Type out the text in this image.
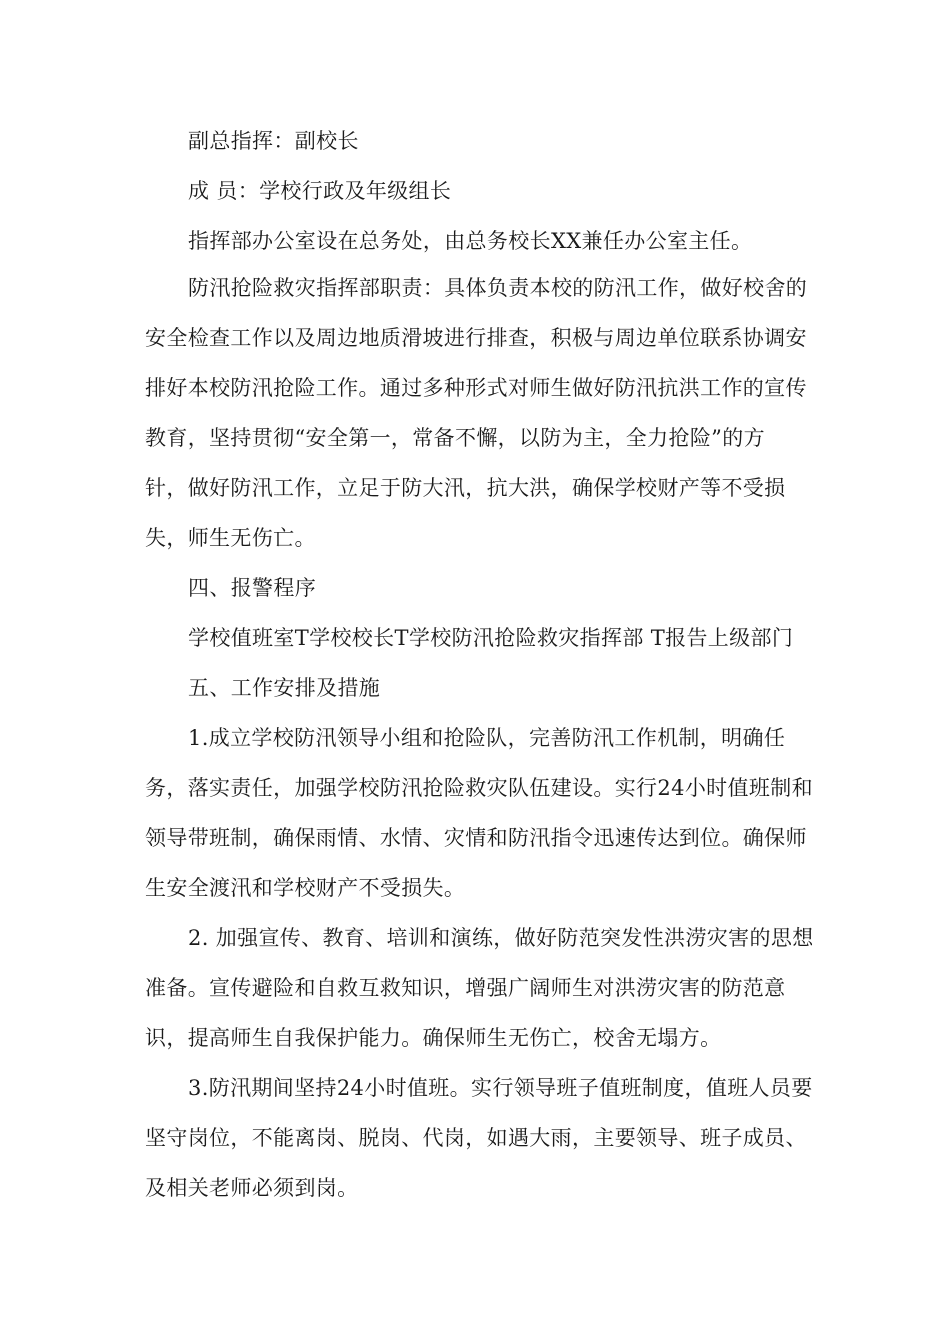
副总指挥：副校长
成 员：学校行政及年级组长
指挥部办公室设在总务处，由总务校长XX兼任办公室主任。
防汛抢险救灾指挥部职责：具体负责本校的防汛工作，做好校舍的
安全检查工作以及周边地质滑坡进行排查，积极与周边单位联系协调安
排好本校防汛抢险工作。通过多种形式对师生做好防汛抗洪工作的宣传
教育，坚持贯彻“安全第一，常备不懈，以防为主，全力抢险”的方
针，做好防汛工作，立足于防大汛，抗大洪，确保学校财产等不受损
失，师生无伤亡。
四、报警程序
学校值班室T学校校长T学校防汛抢险救灾指挥部 T报告上级部门
五、工作安排及措施
1.成立学校防汛领导小组和抢险队，完善防汛工作机制，明确任
务，落实责任，加强学校防汛抢险救灾队伍建设。实行24小时值班制和
领导带班制，确保雨情、水情、灾情和防汛指令迅速传达到位。确保师
生安全渡汛和学校财产不受损失。
2. 加强宣传、教育、培训和演练，做好防范突发性洪涝灾害的思想
准备。宣传避险和自救互救知识，增强广阔师生对洪涝灾害的防范意
识，提高师生自我保护能力。确保师生无伤亡，校舍无塌方。
3.防汛期间坚持24小时值班。实行领导班子值班制度，值班人员要
坚守岗位，不能离岗、脱岗、代岗，如遇大雨，主要领导、班子成员、
及相关老师必须到岗。
